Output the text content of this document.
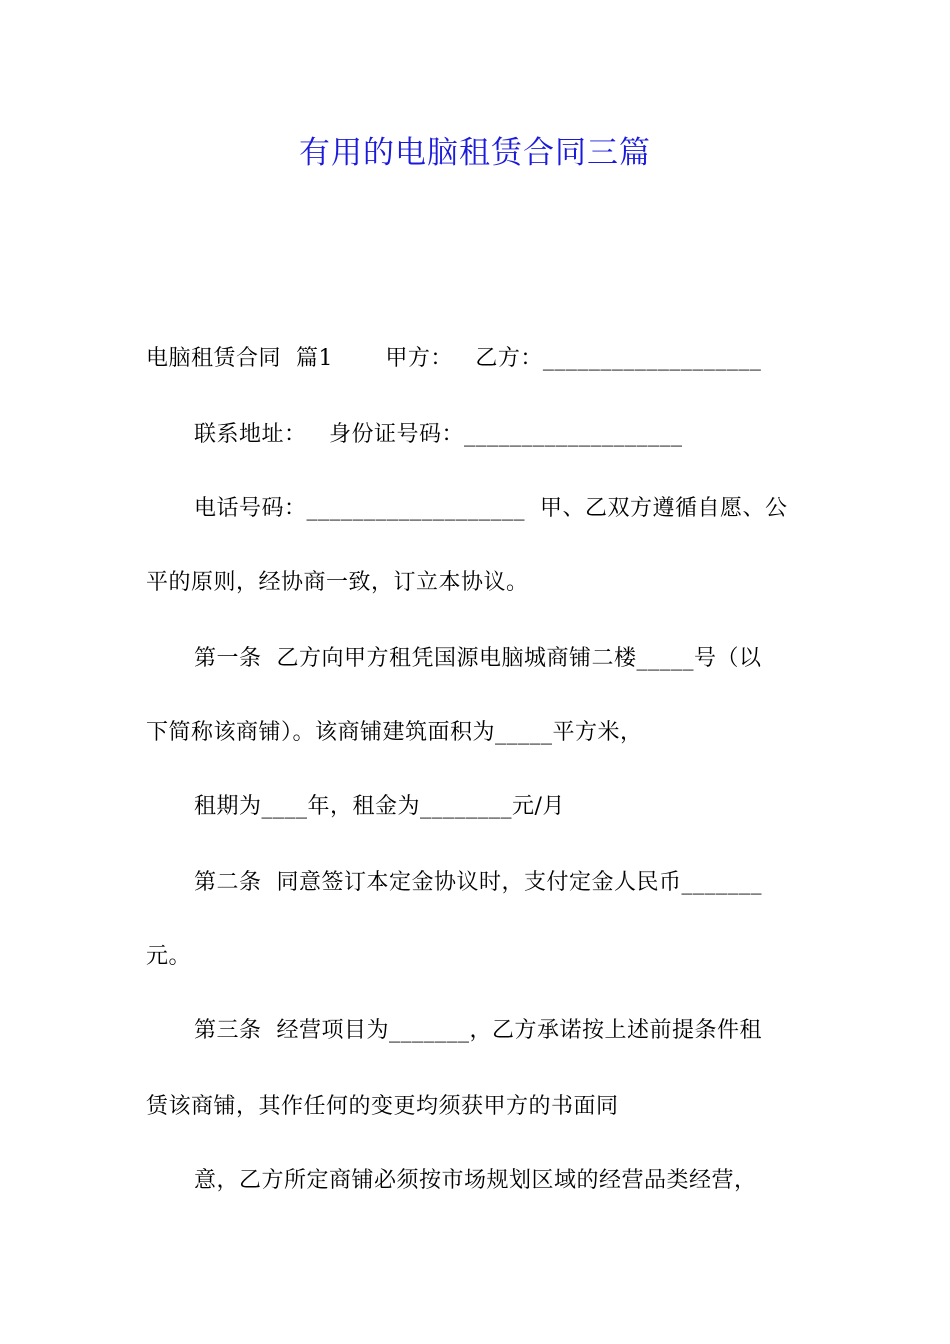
有用的电脑租赁合同三篇
电脑租赁合同  篇1       甲方：   乙方：___________________
联系地址：   身份证号码：___________________
电话号码：___________________  甲、乙双方遵循自愿、公
平的原则，经协商一致，订立本协议。
第一条  乙方向甲方租凭国源电脑城商铺二楼_____号（以
下简称该商铺）。该商铺建筑面积为_____平方米，
租期为____年，租金为________元/月
第二条  同意签订本定金协议时，支付定金人民币_______
元。
第三条  经营项目为_______，乙方承诺按上述前提条件租
赁该商铺，其作任何的变更均须获甲方的书面同
意，乙方所定商铺必须按市场规划区域的经营品类经营，
